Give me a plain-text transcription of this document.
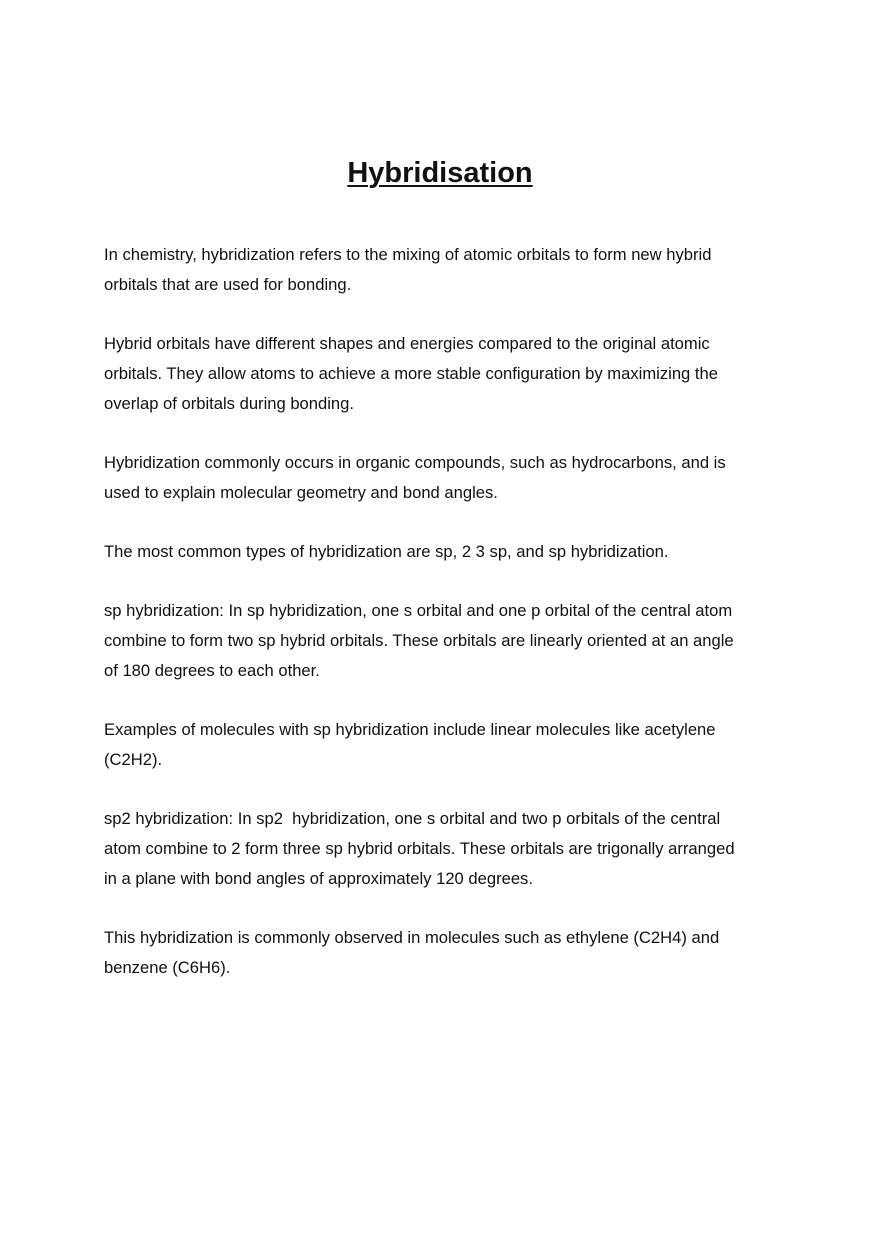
Hybridisation

In chemistry, hybridization refers to the mixing of atomic orbitals to form new hybrid
orbitals that are used for bonding.

Hybrid orbitals have different shapes and energies compared to the original atomic
orbitals. They allow atoms to achieve a more stable configuration by maximizing the
overlap of orbitals during bonding.

Hybridization commonly occurs in organic compounds, such as hydrocarbons, and is
used to explain molecular geometry and bond angles.

The most common types of hybridization are sp, 2 3 sp, and sp hybridization.

sp hybridization: In sp hybridization, one s orbital and one p orbital of the central atom
combine to form two sp hybrid orbitals. These orbitals are linearly oriented at an angle
of 180 degrees to each other.

Examples of molecules with sp hybridization include linear molecules like acetylene
(C2H2).

sp2 hybridization: In sp2  hybridization, one s orbital and two p orbitals of the central
atom combine to 2 form three sp hybrid orbitals. These orbitals are trigonally arranged
in a plane with bond angles of approximately 120 degrees.

This hybridization is commonly observed in molecules such as ethylene (C2H4) and
benzene (C6H6).
